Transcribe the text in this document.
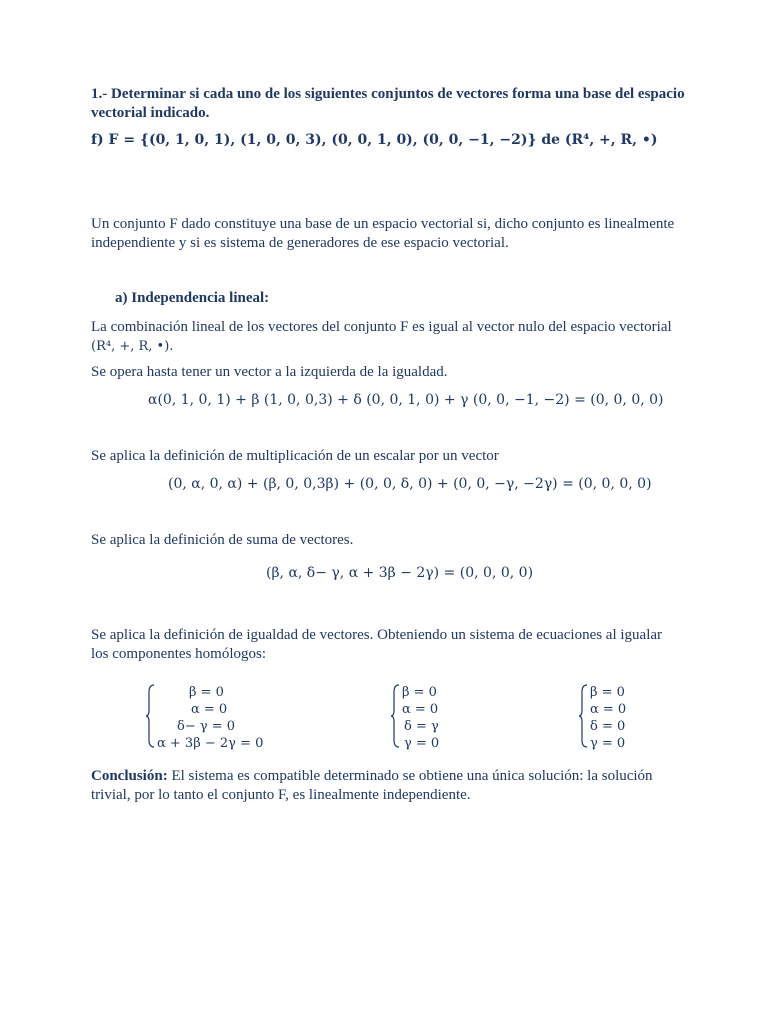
1.- Determinar si cada uno de los siguientes conjuntos de vectores forma una base del espacio
vectorial indicado.
f) F = {(0, 1, 0, 1), (1, 0, 0, 3), (0, 0, 1, 0), (0, 0, −1, −2)} de (R⁴, +, R, •)
Un conjunto F dado constituye una base de un espacio vectorial si, dicho conjunto es linealmente
independiente y si es sistema de generadores de ese espacio vectorial.
a) Independencia lineal:
La combinación lineal de los vectores del conjunto F es igual al vector nulo del espacio vectorial
(R⁴, +, R, •).
Se opera hasta tener un vector a la izquierda de la igualdad.
α(0, 1, 0, 1) + β (1, 0, 0,3) + δ (0, 0, 1, 0) + γ (0, 0, −1, −2) = (0, 0, 0, 0)
Se aplica la definición de multiplicación de un escalar por un vector
(0, α, 0, α) + (β, 0, 0,3β) + (0, 0, δ, 0) + (0, 0, −γ, −2γ) = (0, 0, 0, 0)
Se aplica la definición de suma de vectores.
(β, α, δ− γ, α + 3β − 2γ) = (0, 0, 0, 0)
Se aplica la definición de igualdad de vectores. Obteniendo un sistema de ecuaciones al igualar
los componentes homólogos:
β = 0
α = 0
δ− γ = 0
α + 3β − 2γ = 0
β = 0
α = 0
δ = γ
γ = 0
β = 0
α = 0
δ = 0
γ = 0
Conclusión: El sistema es compatible determinado se obtiene una única solución: la solución
trivial, por lo tanto el conjunto F, es linealmente independiente.
